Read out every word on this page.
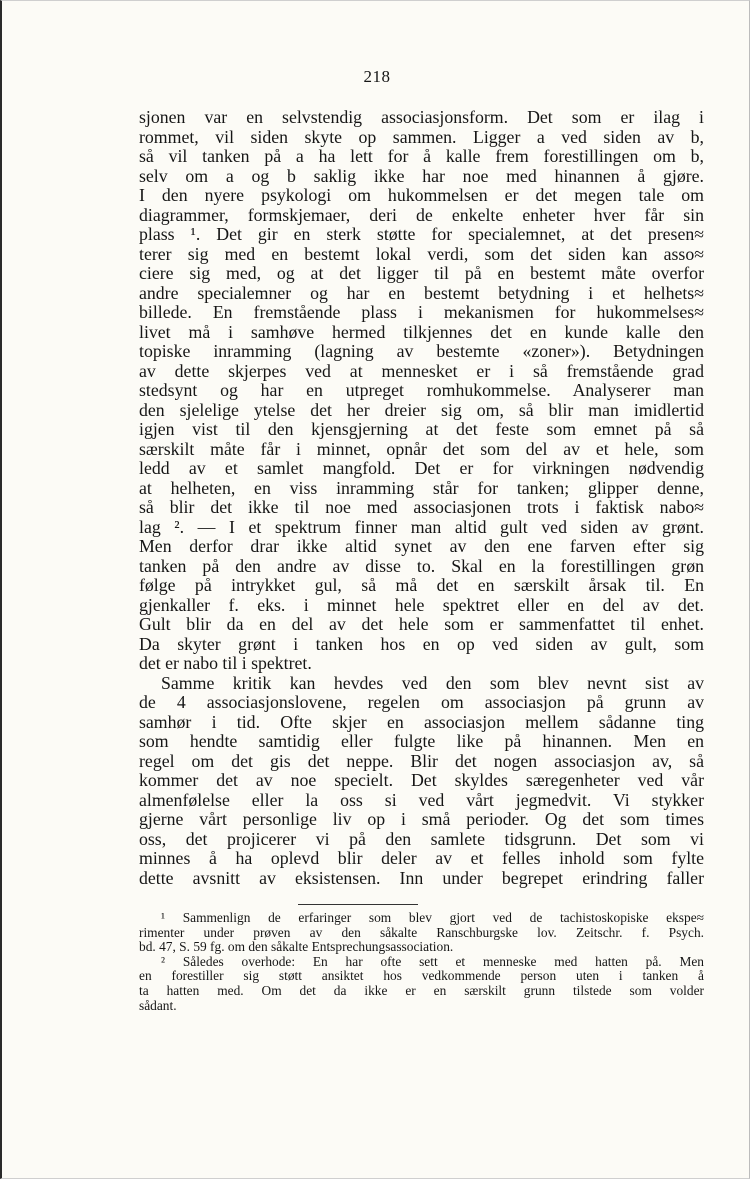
218
sjonen var en selvstendig associasjonsform. Det som er ilag i
rommet, vil siden skyte op sammen. Ligger a ved siden av b,
så vil tanken på a ha lett for å kalle frem forestillingen om b,
selv om a og b saklig ikke har noe med hinannen å gjøre.
I den nyere psykologi om hukommelsen er det megen tale om
diagrammer, formskjemaer, deri de enkelte enheter hver får sin
plass ¹. Det gir en sterk støtte for specialemnet, at det presen≈
terer sig med en bestemt lokal verdi, som det siden kan asso≈
ciere sig med, og at det ligger til på en bestemt måte overfor
andre specialemner og har en bestemt betydning i et helhets≈
billede. En fremstående plass i mekanismen for hukommelses≈
livet må i samhøve hermed tilkjennes det en kunde kalle den
topiske inramming (lagning av bestemte «zoner»). Betydningen
av dette skjerpes ved at mennesket er i så fremstående grad
stedsynt og har en utpreget romhukommelse. Analyserer man
den sjelelige ytelse det her dreier sig om, så blir man imidlertid
igjen vist til den kjensgjerning at det feste som emnet på så
særskilt måte får i minnet, opnår det som del av et hele, som
ledd av et samlet mangfold. Det er for virkningen nødvendig
at helheten, en viss inramming står for tanken; glipper denne,
så blir det ikke til noe med associasjonen trots i faktisk nabo≈
lag ². — I et spektrum finner man altid gult ved siden av grønt.
Men derfor drar ikke altid synet av den ene farven efter sig
tanken på den andre av disse to. Skal en la forestillingen grøn
følge på intrykket gul, så må det en særskilt årsak til. En
gjenkaller f. eks. i minnet hele spektret eller en del av det.
Gult blir da en del av det hele som er sammenfattet til enhet.
Da skyter grønt i tanken hos en op ved siden av gult, som
det er nabo til i spektret.
Samme kritik kan hevdes ved den som blev nevnt sist av
de 4 associasjonslovene, regelen om associasjon på grunn av
samhør i tid. Ofte skjer en associasjon mellem sådanne ting
som hendte samtidig eller fulgte like på hinannen. Men en
regel om det gis det neppe. Blir det nogen associasjon av, så
kommer det av noe specielt. Det skyldes særegenheter ved vår
almenfølelse eller la oss si ved vårt jegmedvit. Vi stykker
gjerne vårt personlige liv op i små perioder. Og det som times
oss, det projicerer vi på den samlete tidsgrunn. Det som vi
minnes å ha oplevd blir deler av et felles inhold som fylte
dette avsnitt av eksistensen. Inn under begrepet erindring faller
¹ Sammenlign de erfaringer som blev gjort ved de tachistoskopiske ekspe≈
rimenter under prøven av den såkalte Ranschburgske lov. Zeitschr. f. Psych.
bd. 47, S. 59 fg. om den såkalte Entsprechungsassociation.
² Således overhode: En har ofte sett et menneske med hatten på. Men
en forestiller sig støtt ansiktet hos vedkommende person uten i tanken å
ta hatten med. Om det da ikke er en særskilt grunn tilstede som volder
sådant.
